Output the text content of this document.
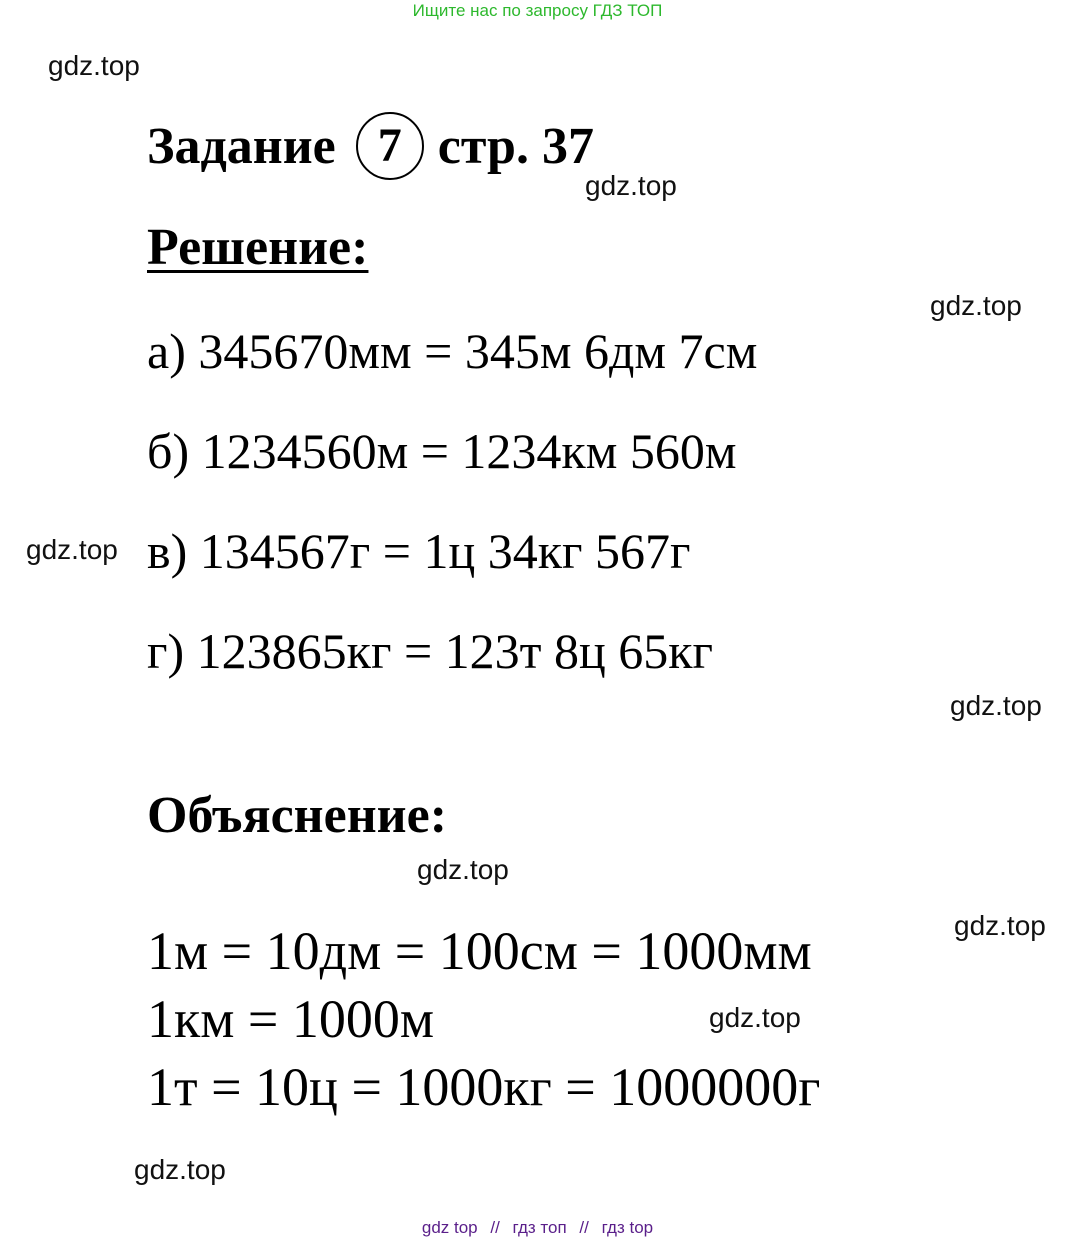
Ищите нас по запросу ГДЗ ТОП
gdz.top
gdz.top
gdz.top
gdz.top
gdz.top
gdz.top
gdz.top
gdz.top
gdz.top
Задание 7 стр. 37
Решение:
а) 345670мм = 345м 6дм 7см
б) 1234560м = 1234км 560м
в) 134567г = 1ц 34кг 567г
г) 123865кг = 123т 8ц 65кг
Объяснение:
1м = 10дм = 100см = 1000мм
1км = 1000м
1т = 10ц = 1000кг = 1000000г
gdz top // гдз топ // гдз top
